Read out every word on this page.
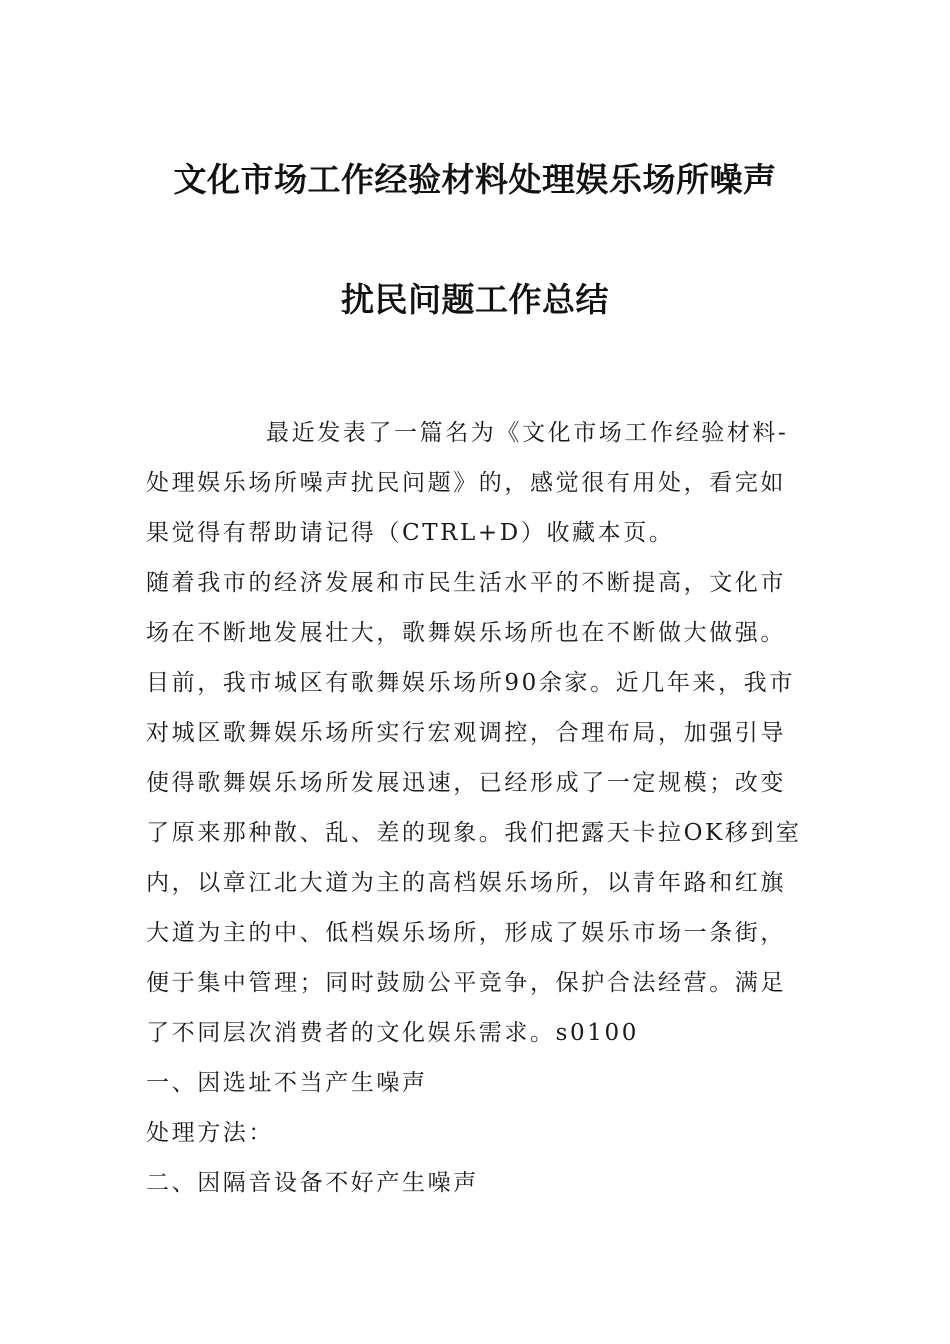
文化市场工作经验材料处理娱乐场所噪声
扰民问题工作总结

最近发表了一篇名为《文化市场工作经验材料-处理娱乐场所噪声扰民问题》的，感觉很有用处，看完如果觉得有帮助请记得（CTRL+D）收藏本页。

随着我市的经济发展和市民生活水平的不断提高，文化市场在不断地发展壮大，歌舞娱乐场所也在不断做大做强。目前，我市城区有歌舞娱乐场所90余家。近几年来，我市对城区歌舞娱乐场所实行宏观调控，合理布局，加强引导使得歌舞娱乐场所发展迅速，已经形成了一定规模；改变了原来那种散、乱、差的现象。我们把露天卡拉OK移到室内，以章江北大道为主的高档娱乐场所，以青年路和红旗大道为主的中、低档娱乐场所，形成了娱乐市场一条街，便于集中管理；同时鼓励公平竞争，保护合法经营。满足了不同层次消费者的文化娱乐需求。s0100

一、因选址不当产生噪声

处理方法：

二、因隔音设备不好产生噪声
